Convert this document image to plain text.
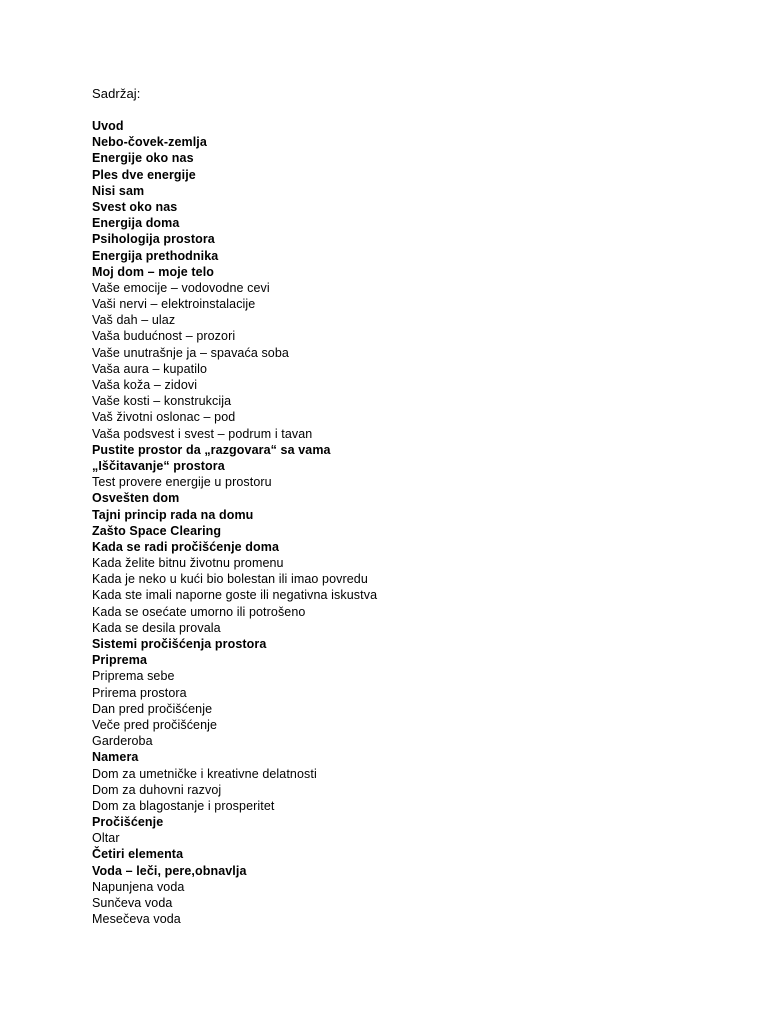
Sadržaj:
Uvod
Nebo-čovek-zemlja
Energije oko nas
Ples dve energije
Nisi sam
Svest oko nas
Energija doma
Psihologija prostora
Energija prethodnika
Moj dom – moje telo
Vaše emocije – vodovodne cevi
Vaši nervi – elektroinstalacije
Vaš dah – ulaz
Vaša budućnost – prozori
Vaše unutrašnje ja – spavaća soba
Vaša aura – kupatilo
Vaša koža – zidovi
Vaše kosti – konstrukcija
Vaš životni oslonac – pod
Vaša podsvest i svest – podrum i tavan
Pustite prostor da „razgovara“ sa vama
„Iščitavanje“ prostora
Test provere energije u prostoru
Osvešten dom
Tajni princip rada na domu
Zašto Space Clearing
Kada se radi pročišćenje doma
Kada želite bitnu životnu promenu
Kada je neko u kući bio bolestan ili imao povredu
Kada ste imali naporne goste ili negativna iskustva
Kada se osećate umorno ili potrošeno
Kada se desila provala
Sistemi pročišćenja prostora
Priprema
Priprema sebe
Prirema prostora
Dan pred pročišćenje
Veče pred pročišćenje
Garderoba
Namera
Dom za umetničke i kreativne delatnosti
Dom za duhovni razvoj
Dom za blagostanje i prosperitet
Pročišćenje
Oltar
Četiri elementa
Voda – leči, pere,obnavlja
Napunjena voda
Sunčeva voda
Mesečeva voda
